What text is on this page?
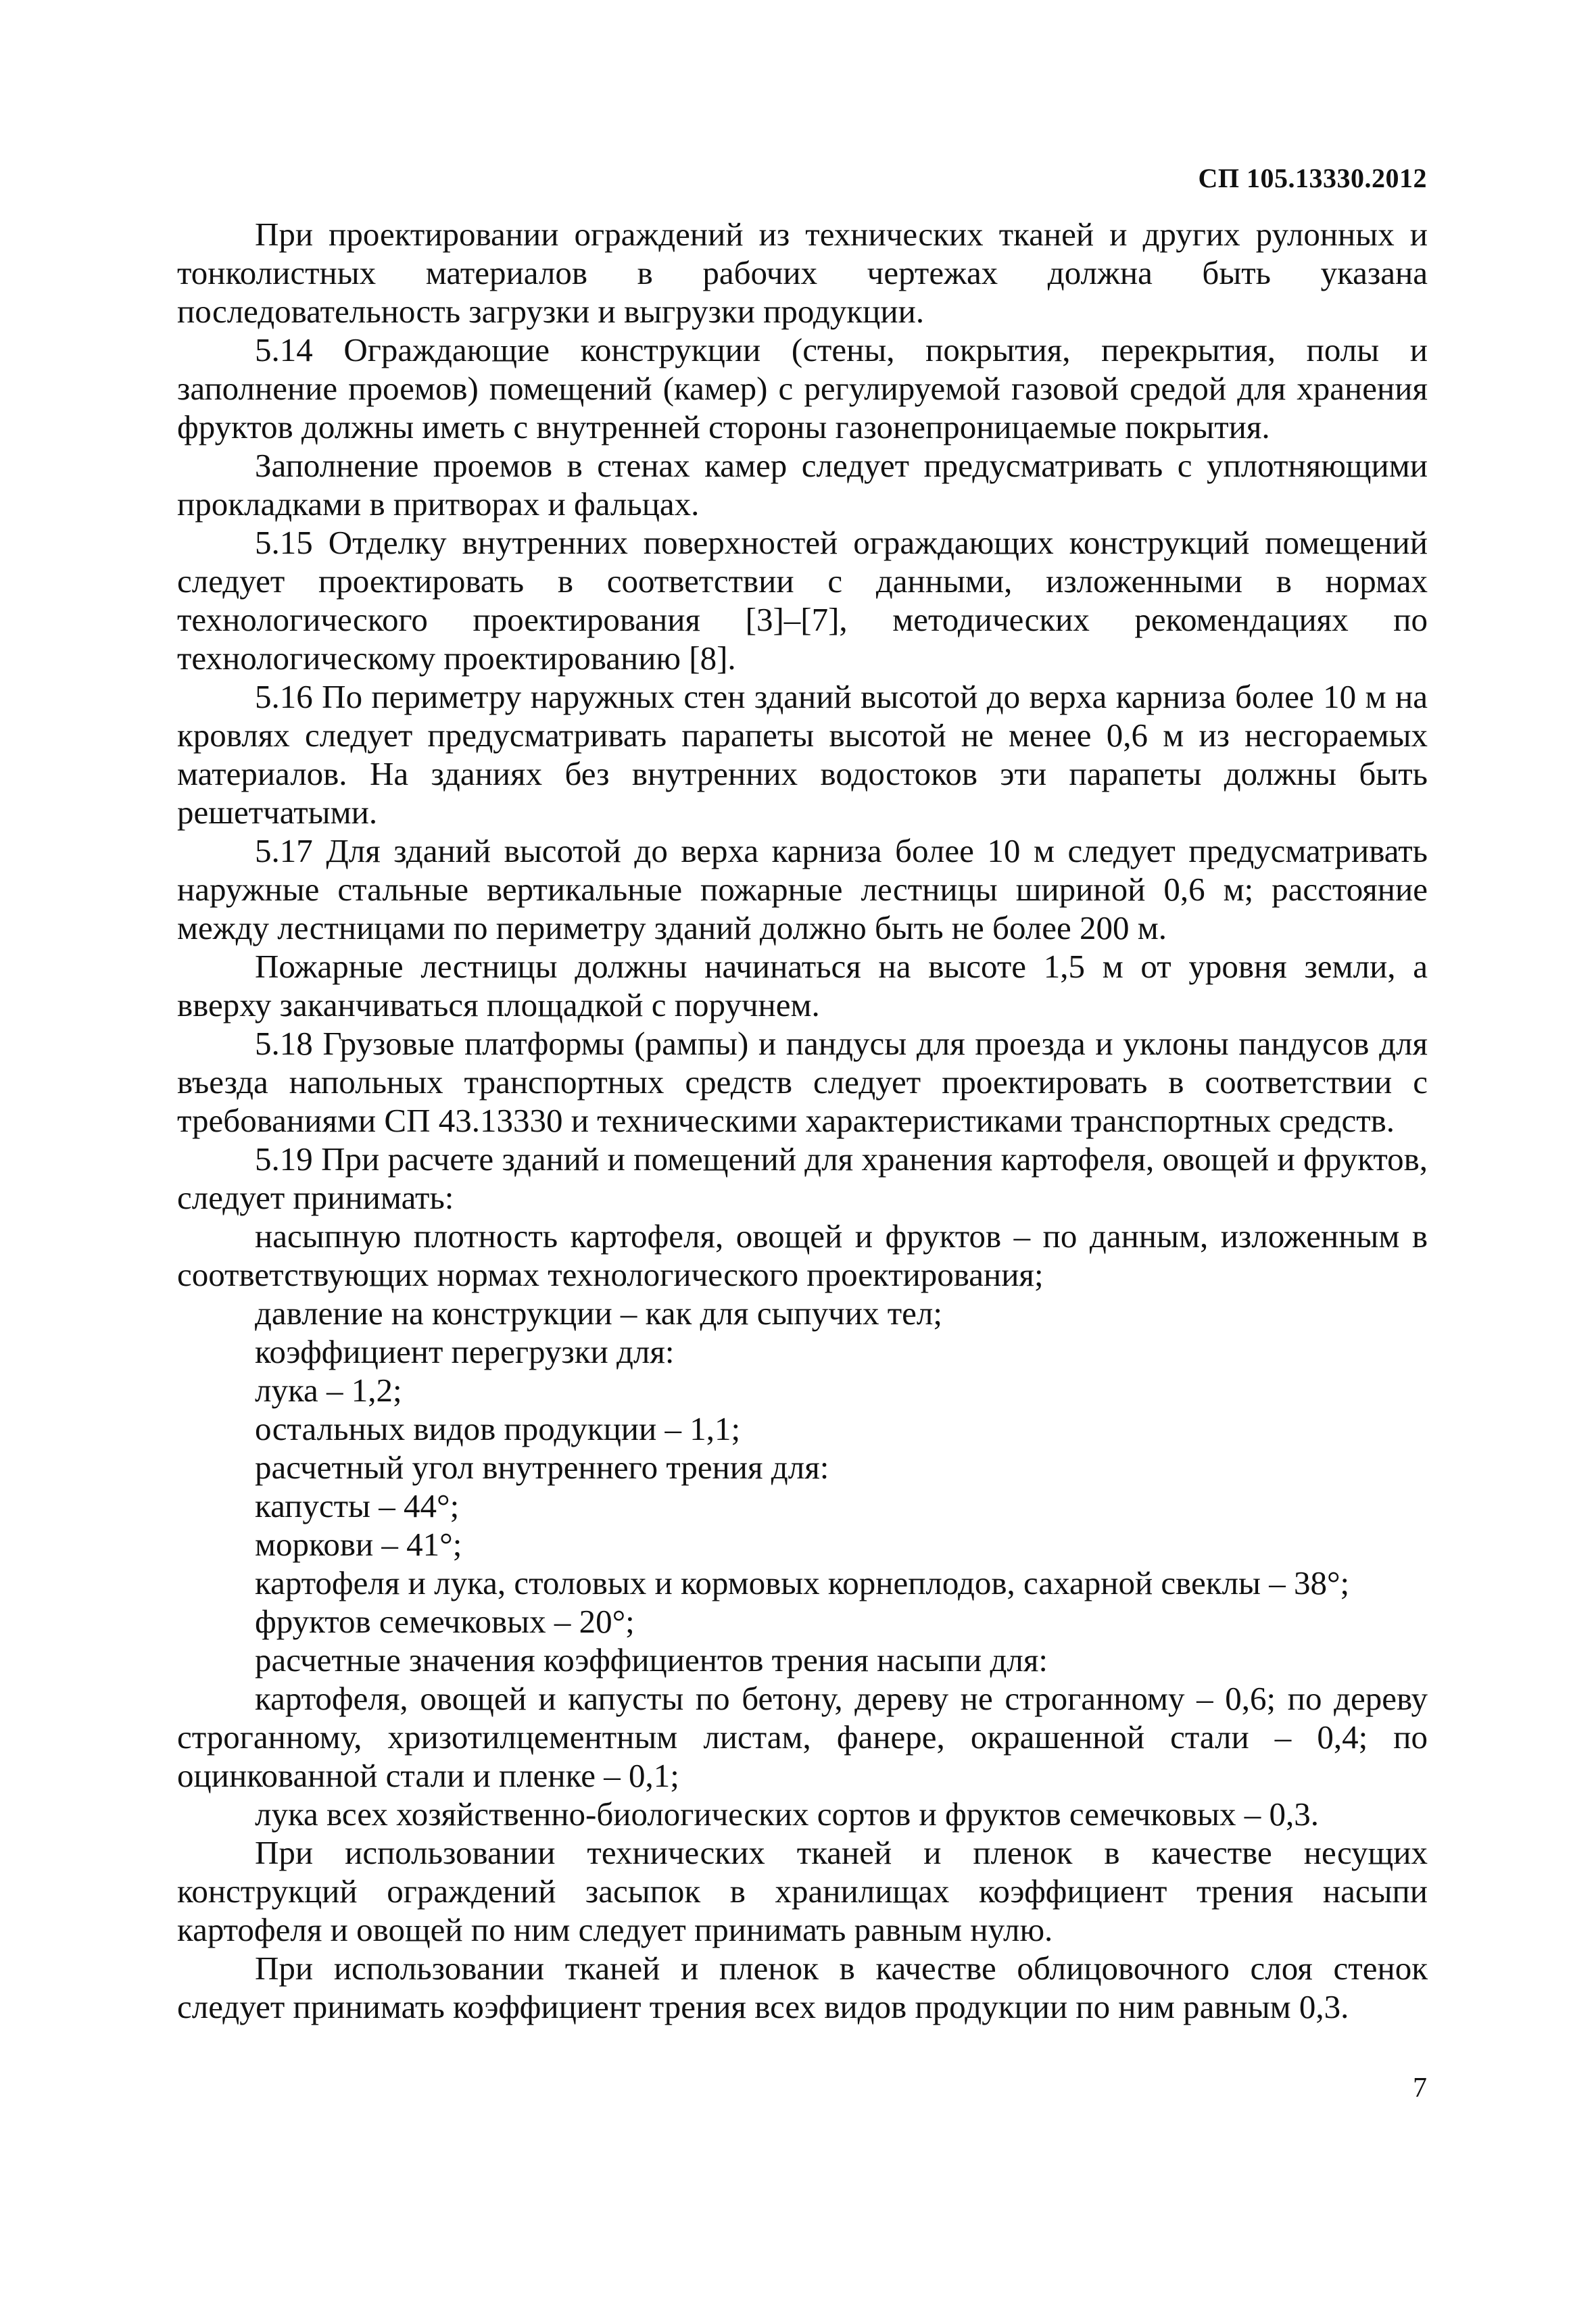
СП 105.13330.2012

При проектировании ограждений из технических тканей и других рулонных и тонколистных материалов в рабочих чертежах должна быть указана последовательность загрузки и выгрузки продукции.

5.14 Ограждающие конструкции (стены, покрытия, перекрытия, полы и заполнение проемов) помещений (камер) с регулируемой газовой средой для хранения фруктов должны иметь с внутренней стороны газонепроницаемые покрытия.

Заполнение проемов в стенах камер следует предусматривать с уплотняющими прокладками в притворах и фальцах.

5.15 Отделку внутренних поверхностей ограждающих конструкций помещений следует проектировать в соответствии с данными, изложенными в нормах технологического проектирования [3]–[7], методических рекомендациях по технологическому проектированию [8].

5.16 По периметру наружных стен зданий высотой до верха карниза более 10 м на кровлях следует предусматривать парапеты высотой не менее 0,6 м из несгораемых материалов. На зданиях без внутренних водостоков эти парапеты должны быть решетчатыми.

5.17 Для зданий высотой до верха карниза более 10 м следует предусматривать наружные стальные вертикальные пожарные лестницы шириной 0,6 м; расстояние между лестницами по периметру зданий должно быть не более 200 м.

Пожарные лестницы должны начинаться на высоте 1,5 м от уровня земли, а вверху заканчиваться площадкой с поручнем.

5.18 Грузовые платформы (рампы) и пандусы для проезда и уклоны пандусов для въезда напольных транспортных средств следует проектировать в соответствии с требованиями СП 43.13330 и техническими характеристиками транспортных средств.

5.19 При расчете зданий и помещений для хранения картофеля, овощей и фруктов, следует принимать:

насыпную плотность картофеля, овощей и фруктов – по данным, изложенным в соответствующих нормах технологического проектирования;

давление на конструкции – как для сыпучих тел;

коэффициент перегрузки для:

лука – 1,2;

остальных видов продукции – 1,1;

расчетный угол внутреннего трения для:

капусты – 44°;

моркови – 41°;

картофеля и лука, столовых и кормовых корнеплодов, сахарной свеклы – 38°;

фруктов семечковых – 20°;

расчетные значения коэффициентов трения насыпи для:

картофеля, овощей и капусты по бетону, дереву не строганному – 0,6; по дереву строганному, хризотилцементным листам, фанере, окрашенной стали – 0,4; по оцинкованной стали и пленке – 0,1;

лука всех хозяйственно-биологических сортов и фруктов семечковых – 0,3.

При использовании технических тканей и пленок в качестве несущих конструкций ограждений засыпок в хранилищах коэффициент трения насыпи картофеля и овощей по ним следует принимать равным нулю.

При использовании тканей и пленок в качестве облицовочного слоя стенок следует принимать коэффициент трения всех видов продукции по ним равным 0,3.

7
